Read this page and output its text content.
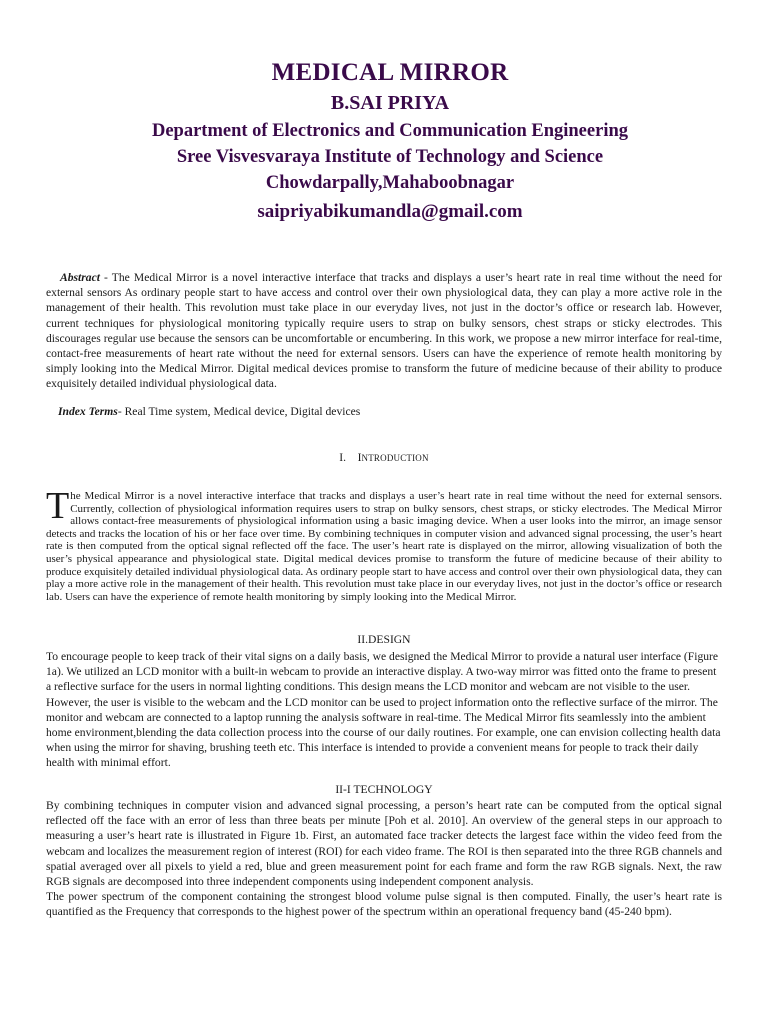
MEDICAL MIRROR
B.SAI PRIYA
Department of Electronics and Communication Engineering
Sree Visvesvaraya Institute of Technology and Science
Chowdarpally,Mahaboobnagar
saipriyabikumandla@gmail.com
Abstract - The Medical Mirror is a novel interactive interface that tracks and displays a user’s heart rate in real time without the need for external sensors As ordinary people start to have access and control over their own physiological data, they can play a more active role in the management of their health. This revolution must take place in our everyday lives, not just in the doctor’s office or research lab. However, current techniques for physiological monitoring typically require users to strap on bulky sensors, chest straps or sticky electrodes. This discourages regular use because the sensors can be uncomfortable or encumbering. In this work, we propose a new mirror interface for real-time, contact-free measurements of heart rate without the need for external sensors. Users can have the experience of remote health monitoring by simply looking into the Medical Mirror. Digital medical devices promise to transform the future of medicine because of their ability to produce exquisitely detailed individual physiological data.
Index Terms- Real Time system, Medical device, Digital devices
I. INTRODUCTION
The Medical Mirror is a novel interactive interface that tracks and displays a user’s heart rate in real time without the need for external sensors. Currently, collection of physiological information requires users to strap on bulky sensors, chest straps, or sticky electrodes. The Medical Mirror allows contact-free measurements of physiological information using a basic imaging device. When a user looks into the mirror, an image sensor detects and tracks the location of his or her face over time. By combining techniques in computer vision and advanced signal processing, the user’s heart rate is then computed from the optical signal reflected off the face. The user’s heart rate is displayed on the mirror, allowing visualization of both the user’s physical appearance and physiological state. Digital medical devices promise to transform the future of medicine because of their ability to produce exquisitely detailed individual physiological data. As ordinary people start to have access and control over their own physiological data, they can play a more active role in the management of their health. This revolution must take place in our everyday lives, not just in the doctor’s office or research lab. Users can have the experience of remote health monitoring by simply looking into the Medical Mirror.
II.DESIGN
To encourage people to keep track of their vital signs on a daily basis, we designed the Medical Mirror to provide a natural user interface (Figure 1a). We utilized an LCD monitor with a built-in webcam to provide an interactive display. A two-way mirror was fitted onto the frame to present a reflective surface for the users in normal lighting conditions. This design means the LCD monitor and webcam are not visible to the user. However, the user is visible to the webcam and the LCD monitor can be used to project information onto the reflective surface of the mirror. The monitor and webcam are connected to a laptop running the analysis software in real-time. The Medical Mirror fits seamlessly into the ambient home environment,blending the data collection process into the course of our daily routines. For example, one can envision collecting health data when using the mirror for shaving, brushing teeth etc. This interface is intended to provide a convenient means for people to track their daily health with minimal effort.
II-I TECHNOLOGY

By combining techniques in computer vision and advanced signal processing, a person’s heart rate can be computed from the optical signal reflected off the face with an error of less than three beats per minute [Poh et al. 2010]. An overview of the general steps in our approach to measuring a user’s heart rate is illustrated in Figure 1b. First, an automated face tracker detects the largest face within the video feed from the webcam and localizes the measurement region of interest (ROI) for each video frame. The ROI is then separated into the three RGB channels and spatial averaged over all pixels to yield a red, blue and green measurement point for each frame and form the raw RGB signals. Next, the raw RGB signals are decomposed into three independent components using independent component analysis.

The power spectrum of the component containing the strongest blood volume pulse signal is then computed. Finally, the user’s heart rate is quantified as the Frequency that corresponds to the highest power of the spectrum within an operational frequency band (45-240 bpm).
